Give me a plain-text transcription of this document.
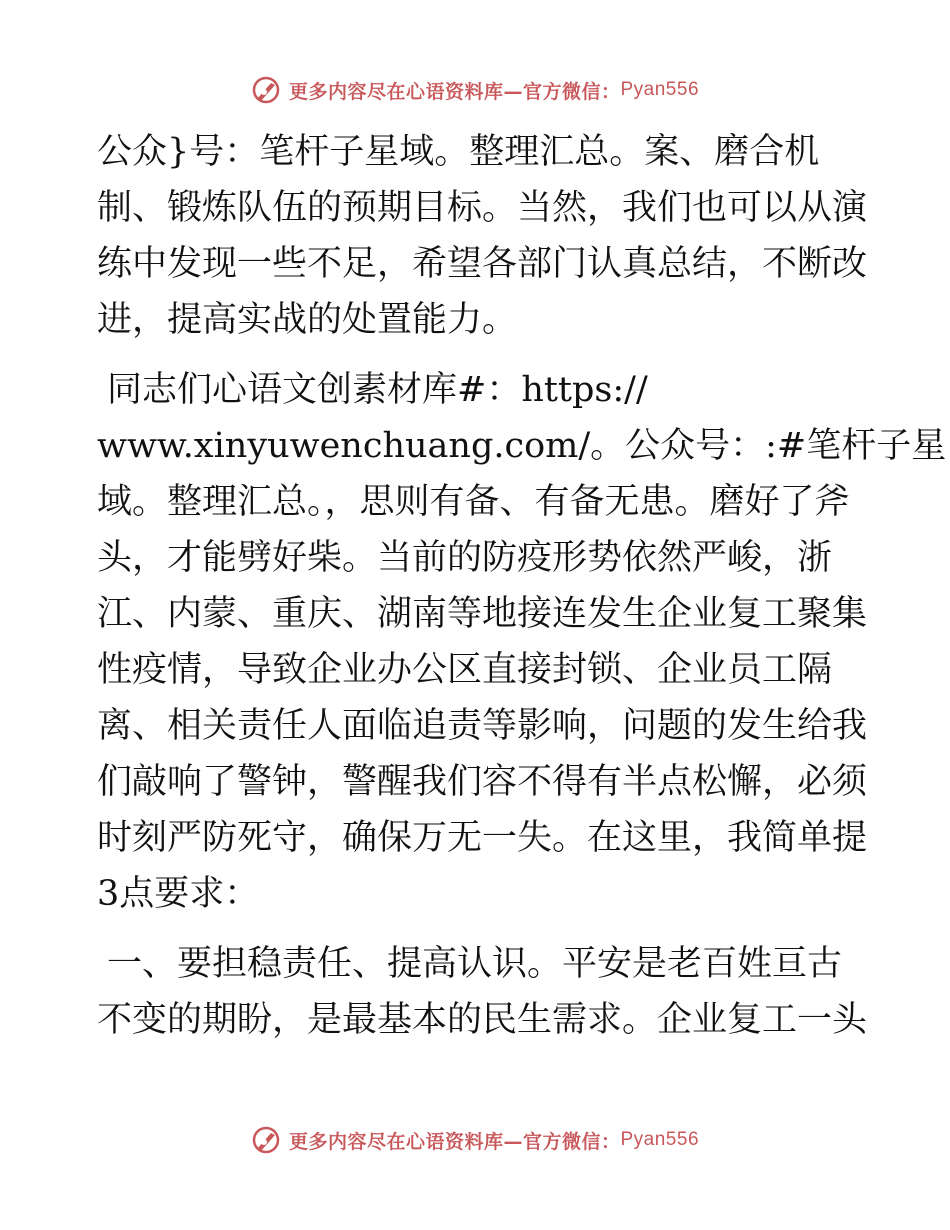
更多内容尽在心语资料库—官方微信： Pyan556
公众}号：笔杆子星域。整理汇总。案、磨合机
制、锻炼队伍的预期目标。当然，我们也可以从演
练中发现一些不足，希望各部门认真总结，不断改
进，提高实战的处置能力。
同志们心语文创素材库#：https://
www.xinyuwenchuang.com/。公众号：:#笔杆子星
域。整理汇总。，思则有备、有备无患。磨好了斧
头，才能劈好柴。当前的防疫形势依然严峻，浙
江、内蒙、重庆、湖南等地接连发生企业复工聚集
性疫情，导致企业办公区直接封锁、企业员工隔
离、相关责任人面临追责等影响，问题的发生给我
们敲响了警钟，警醒我们容不得有半点松懈，必须
时刻严防死守，确保万无一失。在这里，我简单提
3点要求：
一、要担稳责任、提高认识。平安是老百姓亘古
不变的期盼，是最基本的民生需求。企业复工一头
更多内容尽在心语资料库—官方微信： Pyan556
